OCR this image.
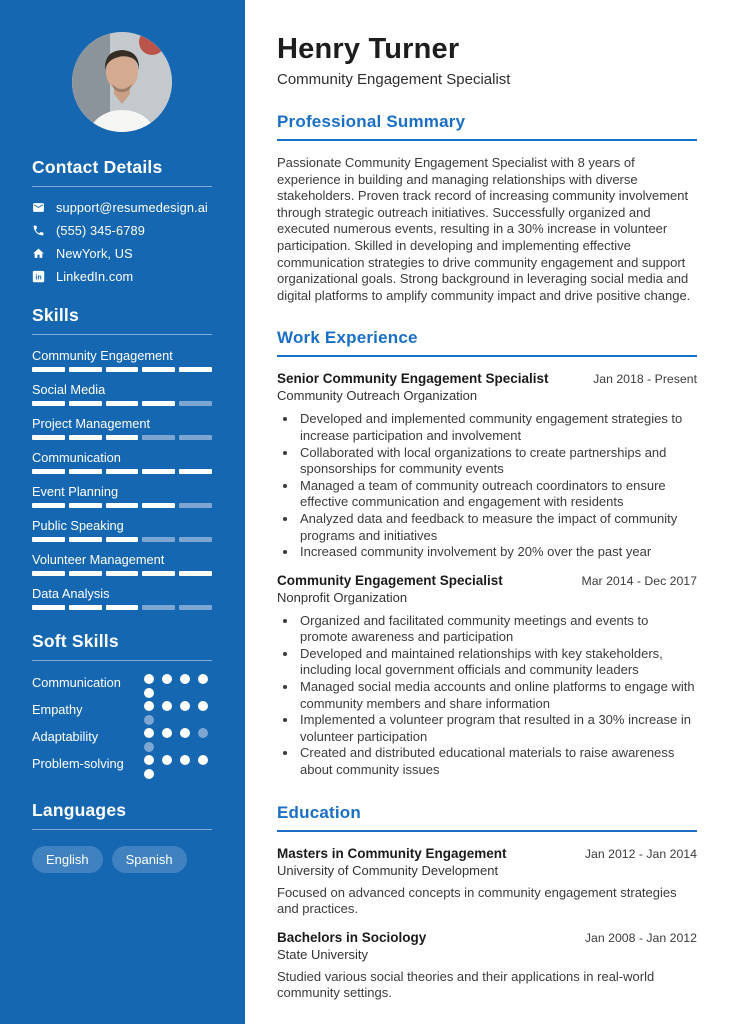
Contact Details
support@resumedesign.ai
(555) 345-6789
NewYork, US
in LinkedIn.com
Skills
Community Engagement
Social Media
Project Management
Communication
Event Planning
Public Speaking
Volunteer Management
Data Analysis
Soft Skills
Communication
Empathy
Adaptability
Problem-solving
Languages
English	Spanish
Henry Turner
Community Engagement Specialist
Professional Summary

Passionate Community Engagement Specialist with 8 years of experience in building and managing relationships with diverse stakeholders. Proven track record of increasing community involvement through strategic outreach initiatives. Successfully organized and executed numerous events, resulting in a 30% increase in volunteer participation. Skilled in developing and implementing effective communication strategies to drive community engagement and support organizational goals. Strong background in leveraging social media and digital platforms to amplify community impact and drive positive change.

Work Experience
Senior Community Engagement Specialist	Jan 2018 - Present
Community Outreach Organization
• Developed and implemented community engagement strategies to increase participation and involvement
• Collaborated with local organizations to create partnerships and sponsorships for community events
• Managed a team of community outreach coordinators to ensure effective communication and engagement with residents
• Analyzed data and feedback to measure the impact of community programs and initiatives
• Increased community involvement by 20% over the past year
Community Engagement Specialist	Mar 2014 - Dec 2017
Nonprofit Organization
• Organized and facilitated community meetings and events to promote awareness and participation
• Developed and maintained relationships with key stakeholders, including local government officials and community leaders
• Managed social media accounts and online platforms to engage with community members and share information
• Implemented a volunteer program that resulted in a 30% increase in volunteer participation
• Created and distributed educational materials to raise awareness about community issues
Education
Masters in Community Engagement	Jan 2012 - Jan 2014
University of Community Development
Focused on advanced concepts in community engagement strategies and practices.
Bachelors in Sociology	Jan 2008 - Jan 2012
State University
Studied various social theories and their applications in real-world community settings.
